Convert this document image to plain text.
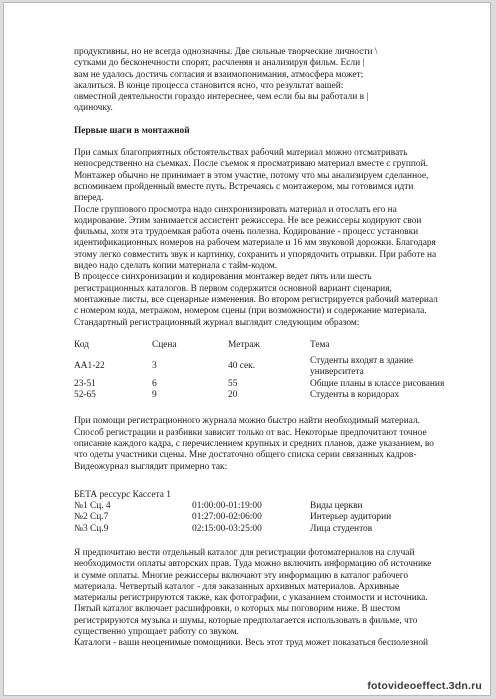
продуктивны, но не всегда однозначны. Две сильные творческие личности \

сутками до бесконечности спорят, расчленяя и анализируя фильм. Если |

вам не удалось достичь согласия и взаимопонимания, атмосфера может;

акалиться. В конце процесса становится ясно, что результат вашей:

овместной деятельности гораздо интереснее, чем если бы вы работали в |

одиночку.

Первые шаги в монтажной

При самых благоприятных обстоятельствах рабочий материал можно отсматривать

непосредственно на съемках. После съемок я просматриваю материал вместе с группой.

Монтажер обычно не принимает в этом участие, потому что мы анализируем сделанное,

вспоминаем пройденный вместе путь. Встречаясь с монтажером, мы готовимся идти

вперед.

После группового просмотра надо синхронизировать материал и отослать его на

кодирование. Этим занимается ассистент режиссера. Не все режиссеры кодируют свои

фильмы, хотя эта трудоемкая работа очень полезна. Кодирование - процесс установки

идентификационных номеров на рабочем материале и 16 мм звуковой дорожки. Благодаря

этому легко совместить звук и картинку, сохранить и упорядочить отрывки. При работе на

видео надо сделать копии материала с тайм-кодом.

В процессе синхронизации и кодирования монтажер ведет пять или шесть

регистрационных каталогов. В первом содержится основной вариант сценария,

монтажные листы, все сценарные изменения. Во втором регистрируется рабочий материал

с номером кода, метражом, номером сцены (при возможности) и содержание материала.

Стандартный регистрационный журнал выглядит следующим образом:

Код	Сцена	Метраж	Тема

АА1-22	3	40 сек.	Студенты входят в здание
университета

23-51	6	55	Общие планы в классе рисования
52-65	9	20	Студенты в коридорах

При помощи регистрационного журнала можно быстро найти необходимый материал.

Способ регистрации и разбивки зависит только от вас. Некоторые предпочитают точное

описание каждого кадра, с перечислением крупных и средних планов, даже указанием, во

что одеты участники сцены. Мне достаточно общего списка серии связанных кадров-

Видеожурнал выглядит примерно так:

БЕТА рессурс Кассета 1

№1 Сц. 4	01:00:00-01:19:00	Виды церкви
№2 Сц.7	01:27:00-02:06:00	Интерьер аудитории
№3 Сц.9	02:15:00-03:25:00	Лица студентов

Я предпочитаю вести отдельный каталог для регистрации фотоматериалов на случай

необходимости оплаты авторских прав. Туда можно включить информацию об источнике

и сумме оплаты. Многие режиссеры включают эту информацию в каталог рабочего

материала. Четвертый каталог - для заказанных архивных материалов. Архивные

материалы регистрируются также, как фотографии, с указанием стоимости и источника.

Пятый каталог включает расшифровки, о которых мы поговорим ниже. В шестом

регистрируются музыка и шумы, которые предполагается использовать в фильме, что

существенно упрощает работу со звуком.

Каталоги - ваши неоценимые помощники. Весь этот труд может показаться бесполезной

fotovideoeffect.3dn.ru
